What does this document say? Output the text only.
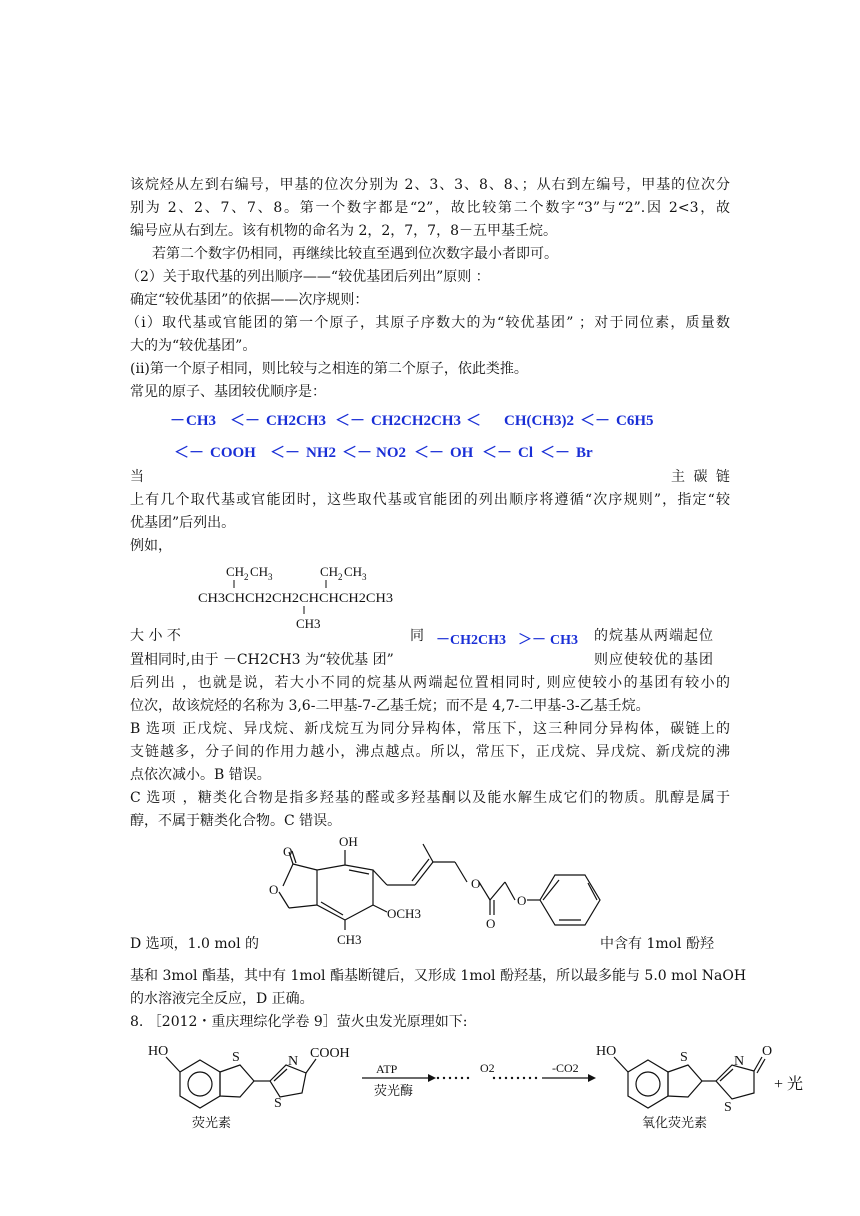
该烷烃从左到右编号，甲基的位次分别为 2、3、3、8、8、；从右到左编号，甲基的位次分
别为 2、2、7、7、8。第一个数字都是“2”，故比较第二个数字“3”与“2”.因 2<3，故
编号应从右到左。该有机物的命名为 2，2，7，7，8－五甲基壬烷。
若第二个数字仍相同，再继续比较直至遇到位次数字最小者即可。
（2）关于取代基的列出顺序——“较优基团后列出”原则 ：
确定“较优基团”的依据——次序规则：
（i）取代基或官能团的第一个原子，其原子序数大的为“较优基团” ；对于同位素，质量数
大的为“较优基团”。
(ii)第一个原子相同，则比较与之相连的第二个原子，依此类推。
常见的原子、基团较优顺序是：
－ CH3 ＜－ CH2CH3 ＜－ CH2CH2CH3 ＜ CH(CH3)2 ＜－ C6H5
＜－ COOH ＜－ NH2 ＜－ NO2 ＜－ OH ＜－ Cl ＜－ Br
当	主 碳 链
上有几个取代基或官能团时，这些取代基或官能团的列出顺序将遵循“次序规则”，指定“较
优基团”后列出。
例如，
CH 2 CH 3	CH 2 CH 3
CH3CHCH2CH2CHCHCH2CH3
CH3
大 小 不	同 － CH2CH3 ＞－ CH3 的烷基从两端起位
置相同时,由于 －CH2CH3 为“较优基 团”	则应使较优的基团
后列出 ，也就是说，若大小不同的烷基从两端起位置相同时, 则应使较小的基团有较小的
位次，故该烷烃的名称为 3,6-二甲基-7-乙基壬烷；而不是 4,7-二甲基-3-乙基壬烷。
B 选项 正戊烷、异戊烷、新戊烷互为同分异构体，常压下，这三种同分异构体，碳链上的
支链越多，分子间的作用力越小，沸点越点。所以，常压下，正戊烷、异戊烷、新戊烷的沸
点依次减小。B 错误。
C 选项 ，糖类化合物是指多羟基的醛或多羟基酮以及能水解生成它们的物质。肌醇是属于
醇，不属于糖类化合物。C 错误。
OH
O
O	O
O
O
OCH3
CH3
D 选项，1.0 mol 的	中含有 1mol 酚羟
基和 3mol 酯基，其中有 1mol 酯基断键后，又形成 1mol 酚羟基，所以最多能与 5.0 mol NaOH
的水溶液完全反应，D 正确。
8. ［2012・重庆理综化学卷 9］萤火虫发光原理如下:
HO	S	N
S
COOH
ATP
荧光酶
O2	-CO2
HO	S	N
S
O
+ 光
荧光素	氧化荧光素
